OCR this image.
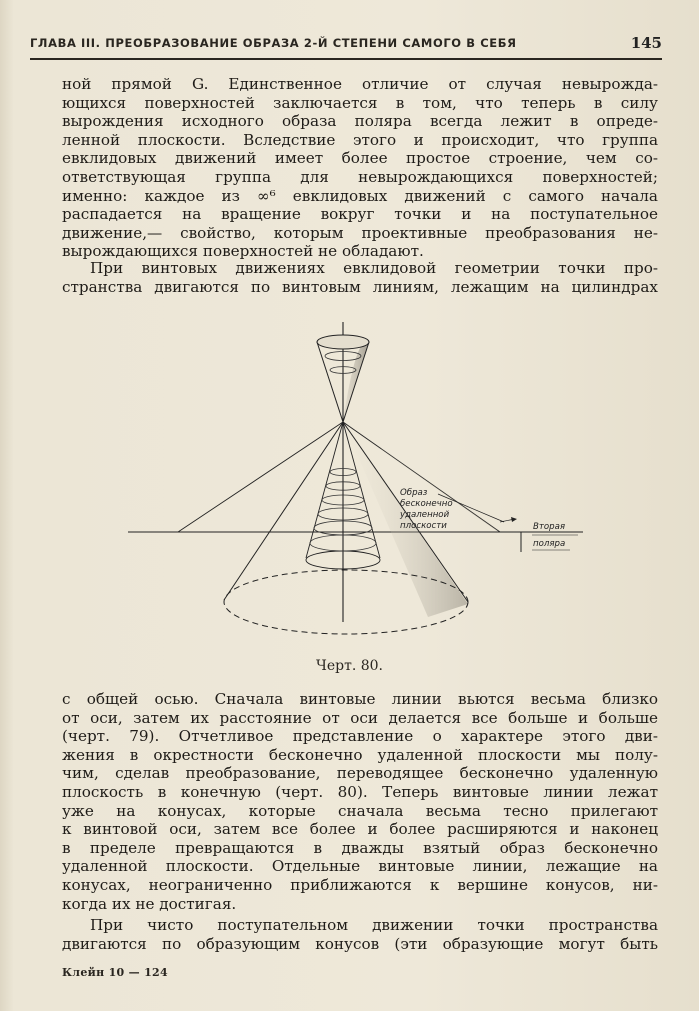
ГЛАВА III. ПРЕОБРАЗОВАНИЕ ОБРАЗА 2-Й СТЕПЕНИ САМОГО В СЕБЯ	145
ной прямой G. Единственное отличие от случая невырожда-
ющихся поверхностей заключается в том, что теперь в силу
вырождения исходного образа поляра всегда лежит в опреде-
ленной плоскости. Вследствие этого и происходит, что группа
евклидовых движений имеет более простое строение, чем со-
ответствующая группа для невырождающихся поверхностей;
именно: каждое из ∞⁶ евклидовых движений с самого начала
распадается на вращение вокруг точки и на поступательное
движение,— свойство, которым проективные преобразования не-
вырождающихся поверхностей не обладают.
При винтовых движениях евклидовой геометрии точки про-
странства двигаются по винтовым линиям, лежащим на цилиндрах
Образ
бесконечно
удаленной
плоскости	Вторая
поляра
Черт. 80.
с общей осью. Сначала винтовые линии вьются весьма близко
от оси, затем их расстояние от оси делается все больше и больше
(черт. 79). Отчетливое представление о характере этого дви-
жения в окрестности бесконечно удаленной плоскости мы полу-
чим, сделав преобразование, переводящее бесконечно удаленную
плоскость в конечную (черт. 80). Теперь винтовые линии лежат
уже на конусах, которые сначала весьма тесно прилегают
к винтовой оси, затем все более и более расширяются и наконец
в пределе превращаются в дважды взятый образ бесконечно
удаленной плоскости. Отдельные винтовые линии, лежащие на
конусах, неограниченно приближаются к вершине конусов, ни-
когда их не достигая.
При чисто поступательном движении точки пространства
двигаются по образующим конусов (эти образующие могут быть
Клейн 10 — 124
